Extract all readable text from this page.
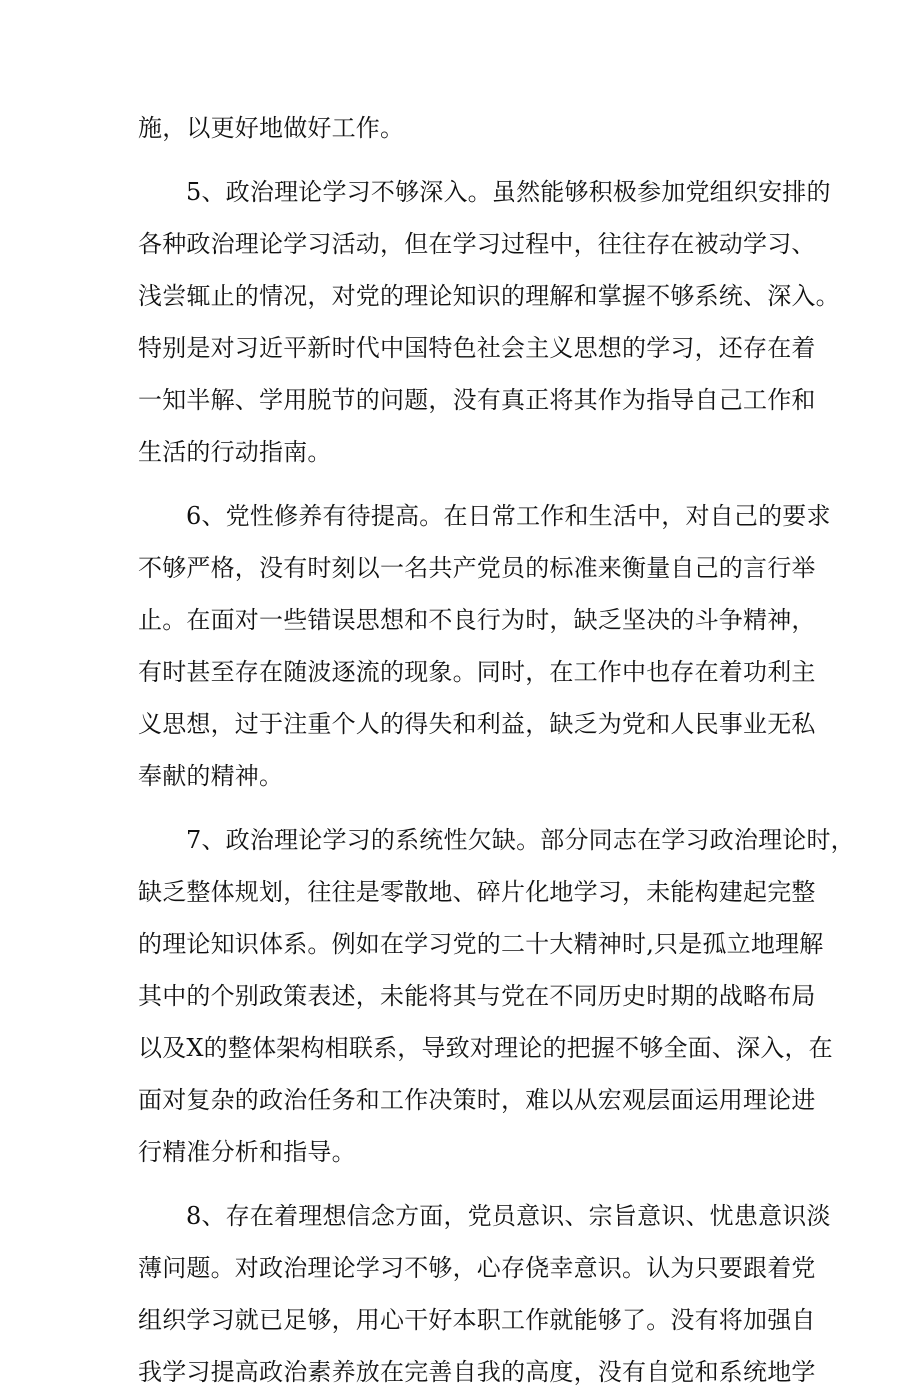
施，以更好地做好工作。
5、政治理论学习不够深入。虽然能够积极参加党组织安排的
各种政治理论学习活动，但在学习过程中，往往存在被动学习、
浅尝辄止的情况，对党的理论知识的理解和掌握不够系统、深入。
特别是对习近平新时代中国特色社会主义思想的学习，还存在着
一知半解、学用脱节的问题，没有真正将其作为指导自己工作和
生活的行动指南。
6、党性修养有待提高。在日常工作和生活中，对自己的要求
不够严格，没有时刻以一名共产党员的标准来衡量自己的言行举
止。在面对一些错误思想和不良行为时，缺乏坚决的斗争精神，
有时甚至存在随波逐流的现象。同时，在工作中也存在着功利主
义思想，过于注重个人的得失和利益，缺乏为党和人民事业无私
奉献的精神。
7、政治理论学习的系统性欠缺。部分同志在学习政治理论时，
缺乏整体规划，往往是零散地、碎片化地学习，未能构建起完整
的理论知识体系。例如在学习党的二十大精神时,只是孤立地理解
其中的个别政策表述，未能将其与党在不同历史时期的战略布局
以及X的整体架构相联系，导致对理论的把握不够全面、深入，在
面对复杂的政治任务和工作决策时，难以从宏观层面运用理论进
行精准分析和指导。
8、存在着理想信念方面，党员意识、宗旨意识、忧患意识淡
薄问题。对政治理论学习不够，心存侥幸意识。认为只要跟着党
组织学习就已足够，用心干好本职工作就能够了。没有将加强自
我学习提高政治素养放在完善自我的高度，没有自觉和系统地学
